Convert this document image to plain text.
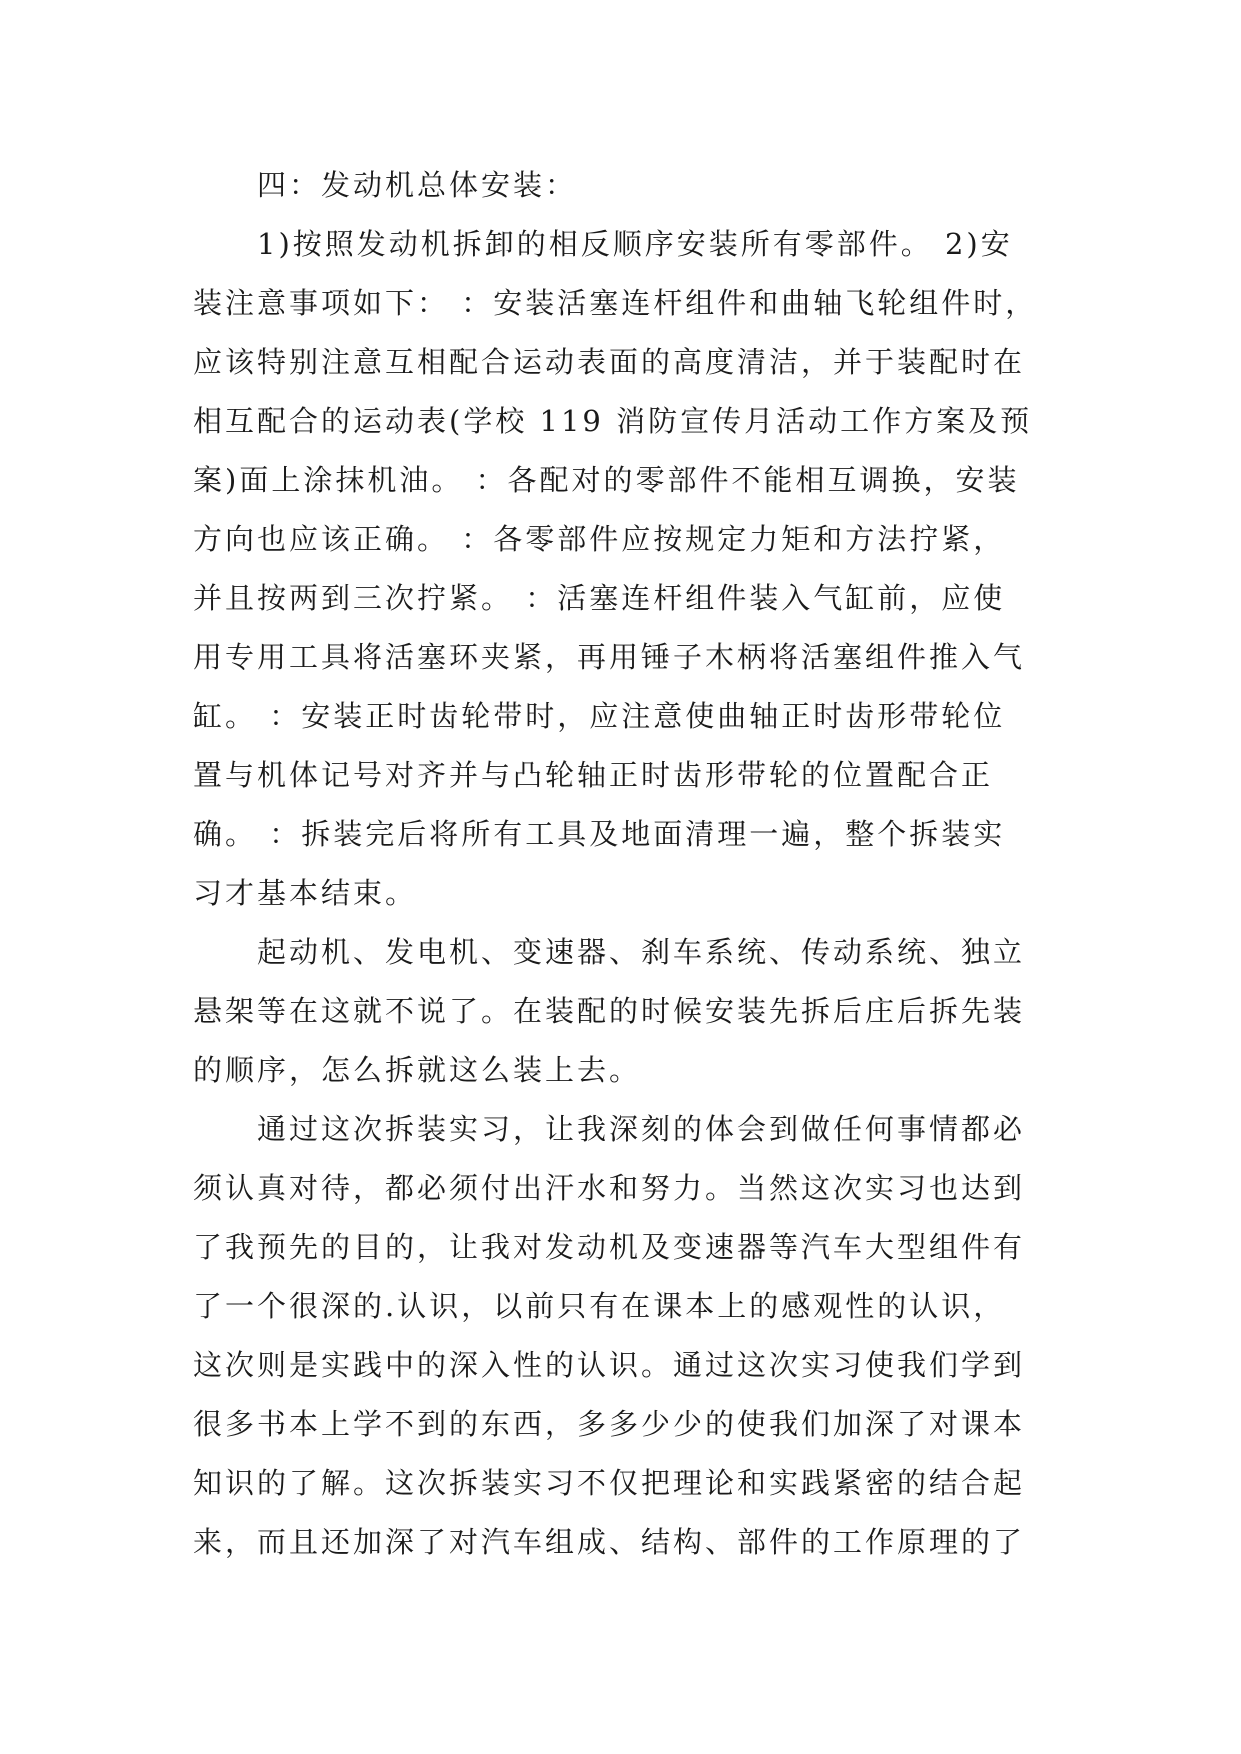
四：发动机总体安装：
1)按照发动机拆卸的相反顺序安装所有零部件。 2)安
装注意事项如下： ：安装活塞连杆组件和曲轴飞轮组件时，
应该特别注意互相配合运动表面的高度清洁，并于装配时在
相互配合的运动表(学校 119 消防宣传月活动工作方案及预
案)面上涂抹机油。 ：各配对的零部件不能相互调换，安装
方向也应该正确。 ：各零部件应按规定力矩和方法拧紧，
并且按两到三次拧紧。 ：活塞连杆组件装入气缸前，应使
用专用工具将活塞环夹紧，再用锤子木柄将活塞组件推入气
缸。 ：安装正时齿轮带时，应注意使曲轴正时齿形带轮位
置与机体记号对齐并与凸轮轴正时齿形带轮的位置配合正
确。 ：拆装完后将所有工具及地面清理一遍，整个拆装实
习才基本结束。
起动机、发电机、变速器、刹车系统、传动系统、独立
悬架等在这就不说了。在装配的时候安装先拆后庄后拆先装
的顺序，怎么拆就这么装上去。
通过这次拆装实习，让我深刻的体会到做任何事情都必
须认真对待，都必须付出汗水和努力。当然这次实习也达到
了我预先的目的，让我对发动机及变速器等汽车大型组件有
了一个很深的.认识，以前只有在课本上的感观性的认识，
这次则是实践中的深入性的认识。通过这次实习使我们学到
很多书本上学不到的东西，多多少少的使我们加深了对课本
知识的了解。这次拆装实习不仅把理论和实践紧密的结合起
来，而且还加深了对汽车组成、结构、部件的工作原理的了
